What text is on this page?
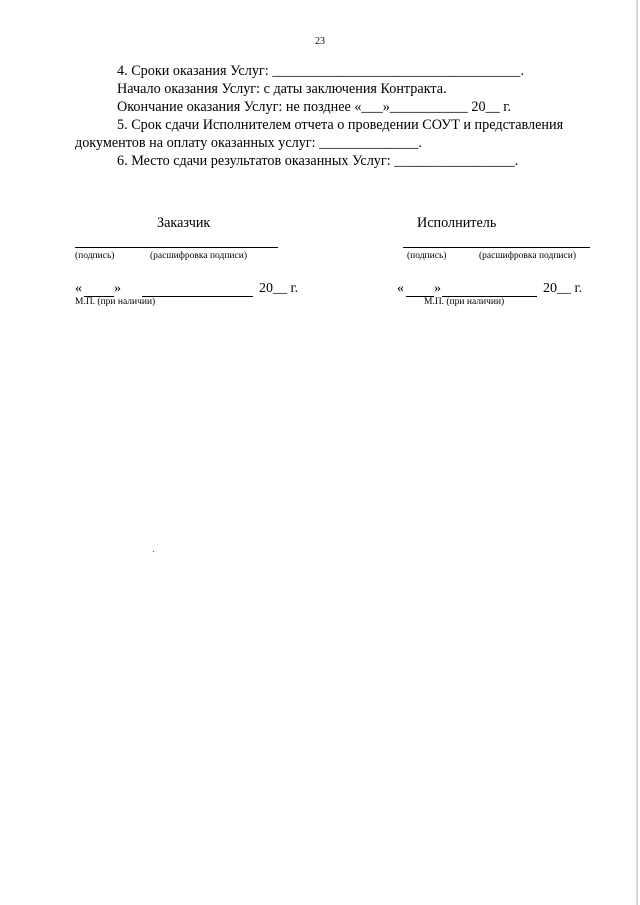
23
4. Сроки оказания Услуг: ___________________________________.
Начало оказания Услуг: с даты заключения Контракта.
Окончание оказания Услуг: не позднее «___»___________ 20__ г.
5. Срок сдачи Исполнителем отчета о проведении СОУТ и представления
документов на оплату оказанных услуг: ______________.
6. Место сдачи результатов оказанных Услуг: _________________.
Заказчик
(подпись)	(расшифровка подписи)
« »	20__ г.
М.П. (при наличии)
Исполнитель
(подпись)	(расшифровка подписи)
« »	20__ г.
М.П. (при наличии)
